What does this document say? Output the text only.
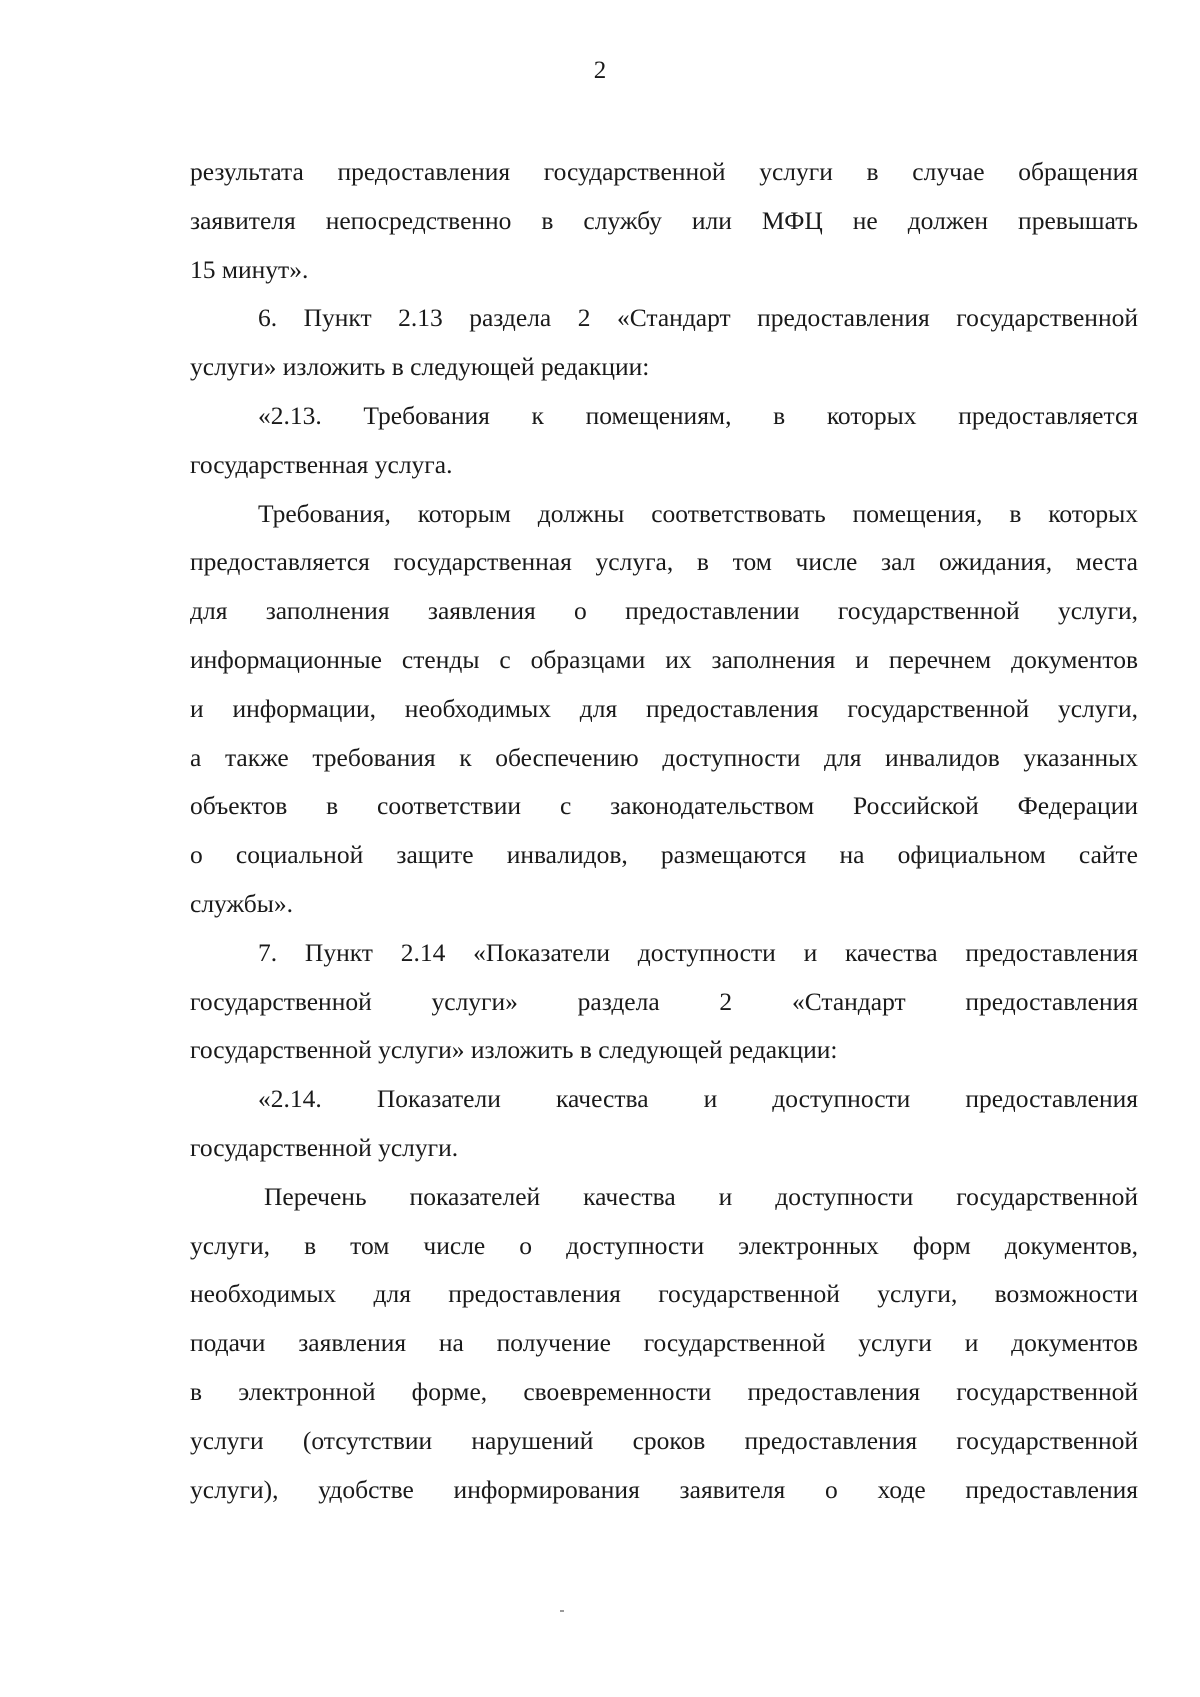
2
результата предоставления государственной услуги в случае обращения
заявителя непосредственно в службу или МФЦ не должен превышать
15 минут».
6. Пункт 2.13 раздела 2 «Стандарт предоставления государственной
услуги» изложить в следующей редакции:
«2.13. Требования к помещениям, в которых предоставляется
государственная услуга.
Требования, которым должны соответствовать помещения, в которых
предоставляется государственная услуга, в том числе зал ожидания, места
для заполнения заявления о предоставлении государственной услуги,
информационные стенды с образцами их заполнения и перечнем документов
и информации, необходимых для предоставления государственной услуги,
а также требования к обеспечению доступности для инвалидов указанных
объектов в соответствии с законодательством Российской Федерации
о социальной защите инвалидов, размещаются на официальном сайте
службы».
7. Пункт 2.14 «Показатели доступности и качества предоставления
государственной услуги» раздела 2 «Стандарт предоставления
государственной услуги» изложить в следующей редакции:
«2.14. Показатели качества и доступности предоставления
государственной услуги.
Перечень показателей качества и доступности государственной
услуги, в том числе о доступности электронных форм документов,
необходимых для предоставления государственной услуги, возможности
подачи заявления на получение государственной услуги и документов
в электронной форме, своевременности предоставления государственной
услуги (отсутствии нарушений сроков предоставления государственной
услуги), удобстве информирования заявителя о ходе предоставления
